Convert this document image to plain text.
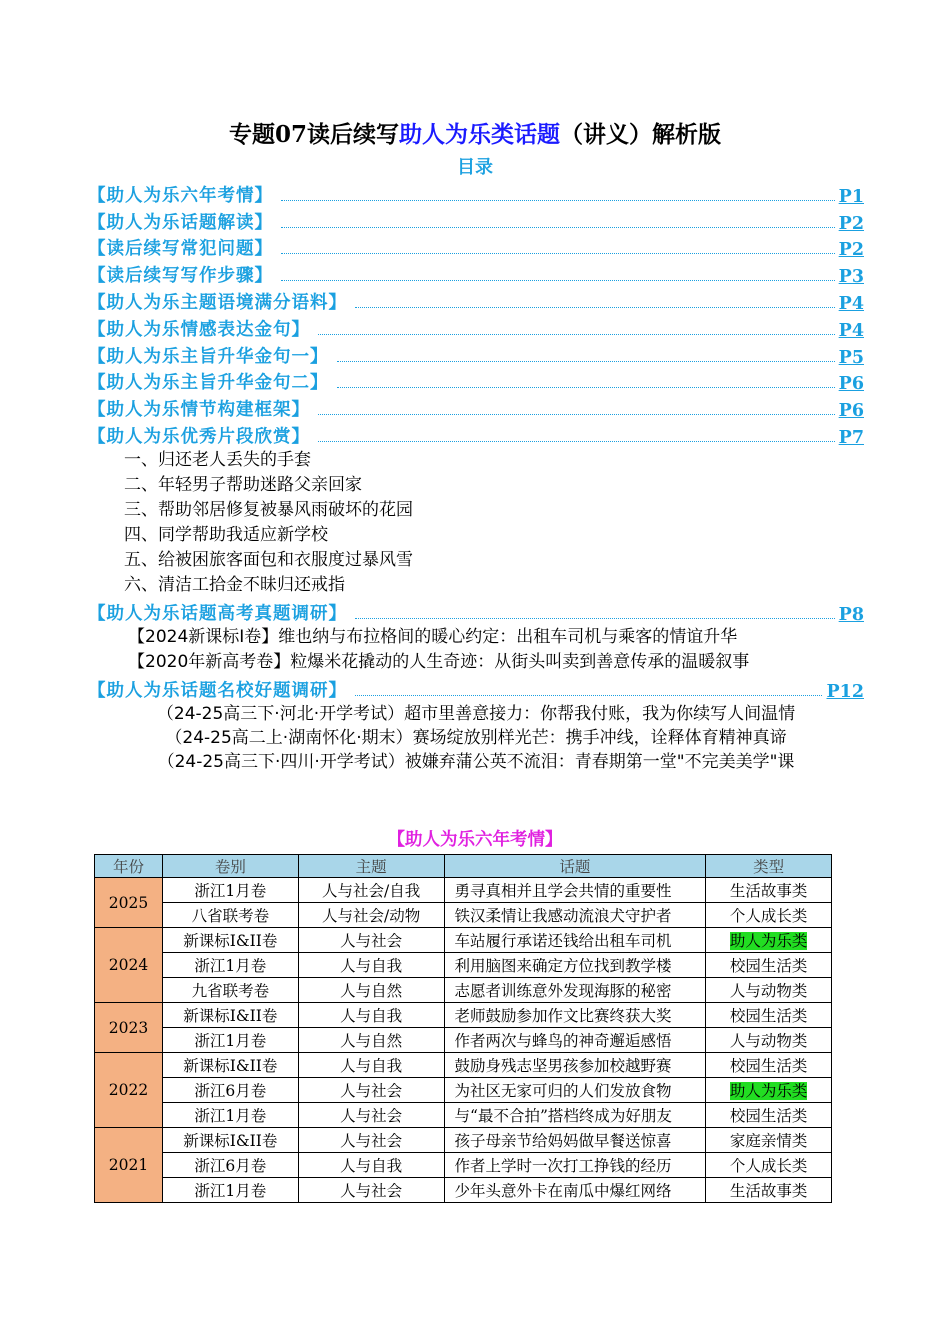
专题07读后续写助人为乐类话题（讲义）解析版
目录
【助人为乐六年考情】	P1
【助人为乐话题解读】	P2
【读后续写常犯问题】	P2
【读后续写写作步骤】	P3
【助人为乐主题语境满分语料】	P4
【助人为乐情感表达金句】	P4
【助人为乐主旨升华金句一】	P5
【助人为乐主旨升华金句二】	P6
【助人为乐情节构建框架】	P6
【助人为乐优秀片段欣赏】	P7
一、归还老人丢失的手套
二、年轻男子帮助迷路父亲回家
三、帮助邻居修复被暴风雨破坏的花园
四、同学帮助我适应新学校
五、给被困旅客面包和衣服度过暴风雪
六、清洁工拾金不昧归还戒指
【助人为乐话题高考真题调研】	P8
【2024新课标Ⅰ卷】维也纳与布拉格间的暖心约定：出租车司机与乘客的情谊升华
【2020年新高考卷】粒爆米花撬动的人生奇迹：从街头叫卖到善意传承的温暖叙事
【助人为乐话题名校好题调研】	P12
（24-25高三下·河北·开学考试）超市里善意接力：你帮我付账，我为你续写人间温情
（24-25高二上·湖南怀化·期末）赛场绽放别样光芒：携手冲线，诠释体育精神真谛
（24-25高三下·四川·开学考试）被嫌弃蒲公英不流泪：青春期第一堂"不完美美学"课
【助人为乐六年考情】
年份	卷别	主题	话题	类型
2025	浙江1月卷	人与社会/自我	勇寻真相并且学会共情的重要性	生活故事类
	八省联考卷	人与社会/动物	铁汉柔情让我感动流浪犬守护者	个人成长类
2024	新课标I&II卷	人与社会	车站履行承诺还钱给出租车司机	助人为乐类
	浙江1月卷	人与自我	利用脑图来确定方位找到教学楼	校园生活类
	九省联考卷	人与自然	志愿者训练意外发现海豚的秘密	人与动物类
2023	新课标I&II卷	人与自我	老师鼓励参加作文比赛终获大奖	校园生活类
	浙江1月卷	人与自然	作者两次与蜂鸟的神奇邂逅感悟	人与动物类
2022	新课标I&II卷	人与自我	鼓励身残志坚男孩参加校越野赛	校园生活类
	浙江6月卷	人与社会	为社区无家可归的人们发放食物	助人为乐类
	浙江1月卷	人与社会	与“最不合拍”搭档终成为好朋友	校园生活类
2021	新课标I&II卷	人与社会	孩子母亲节给妈妈做早餐送惊喜	家庭亲情类
	浙江6月卷	人与自我	作者上学时一次打工挣钱的经历	个人成长类
	浙江1月卷	人与社会	少年头意外卡在南瓜中爆红网络	生活故事类
